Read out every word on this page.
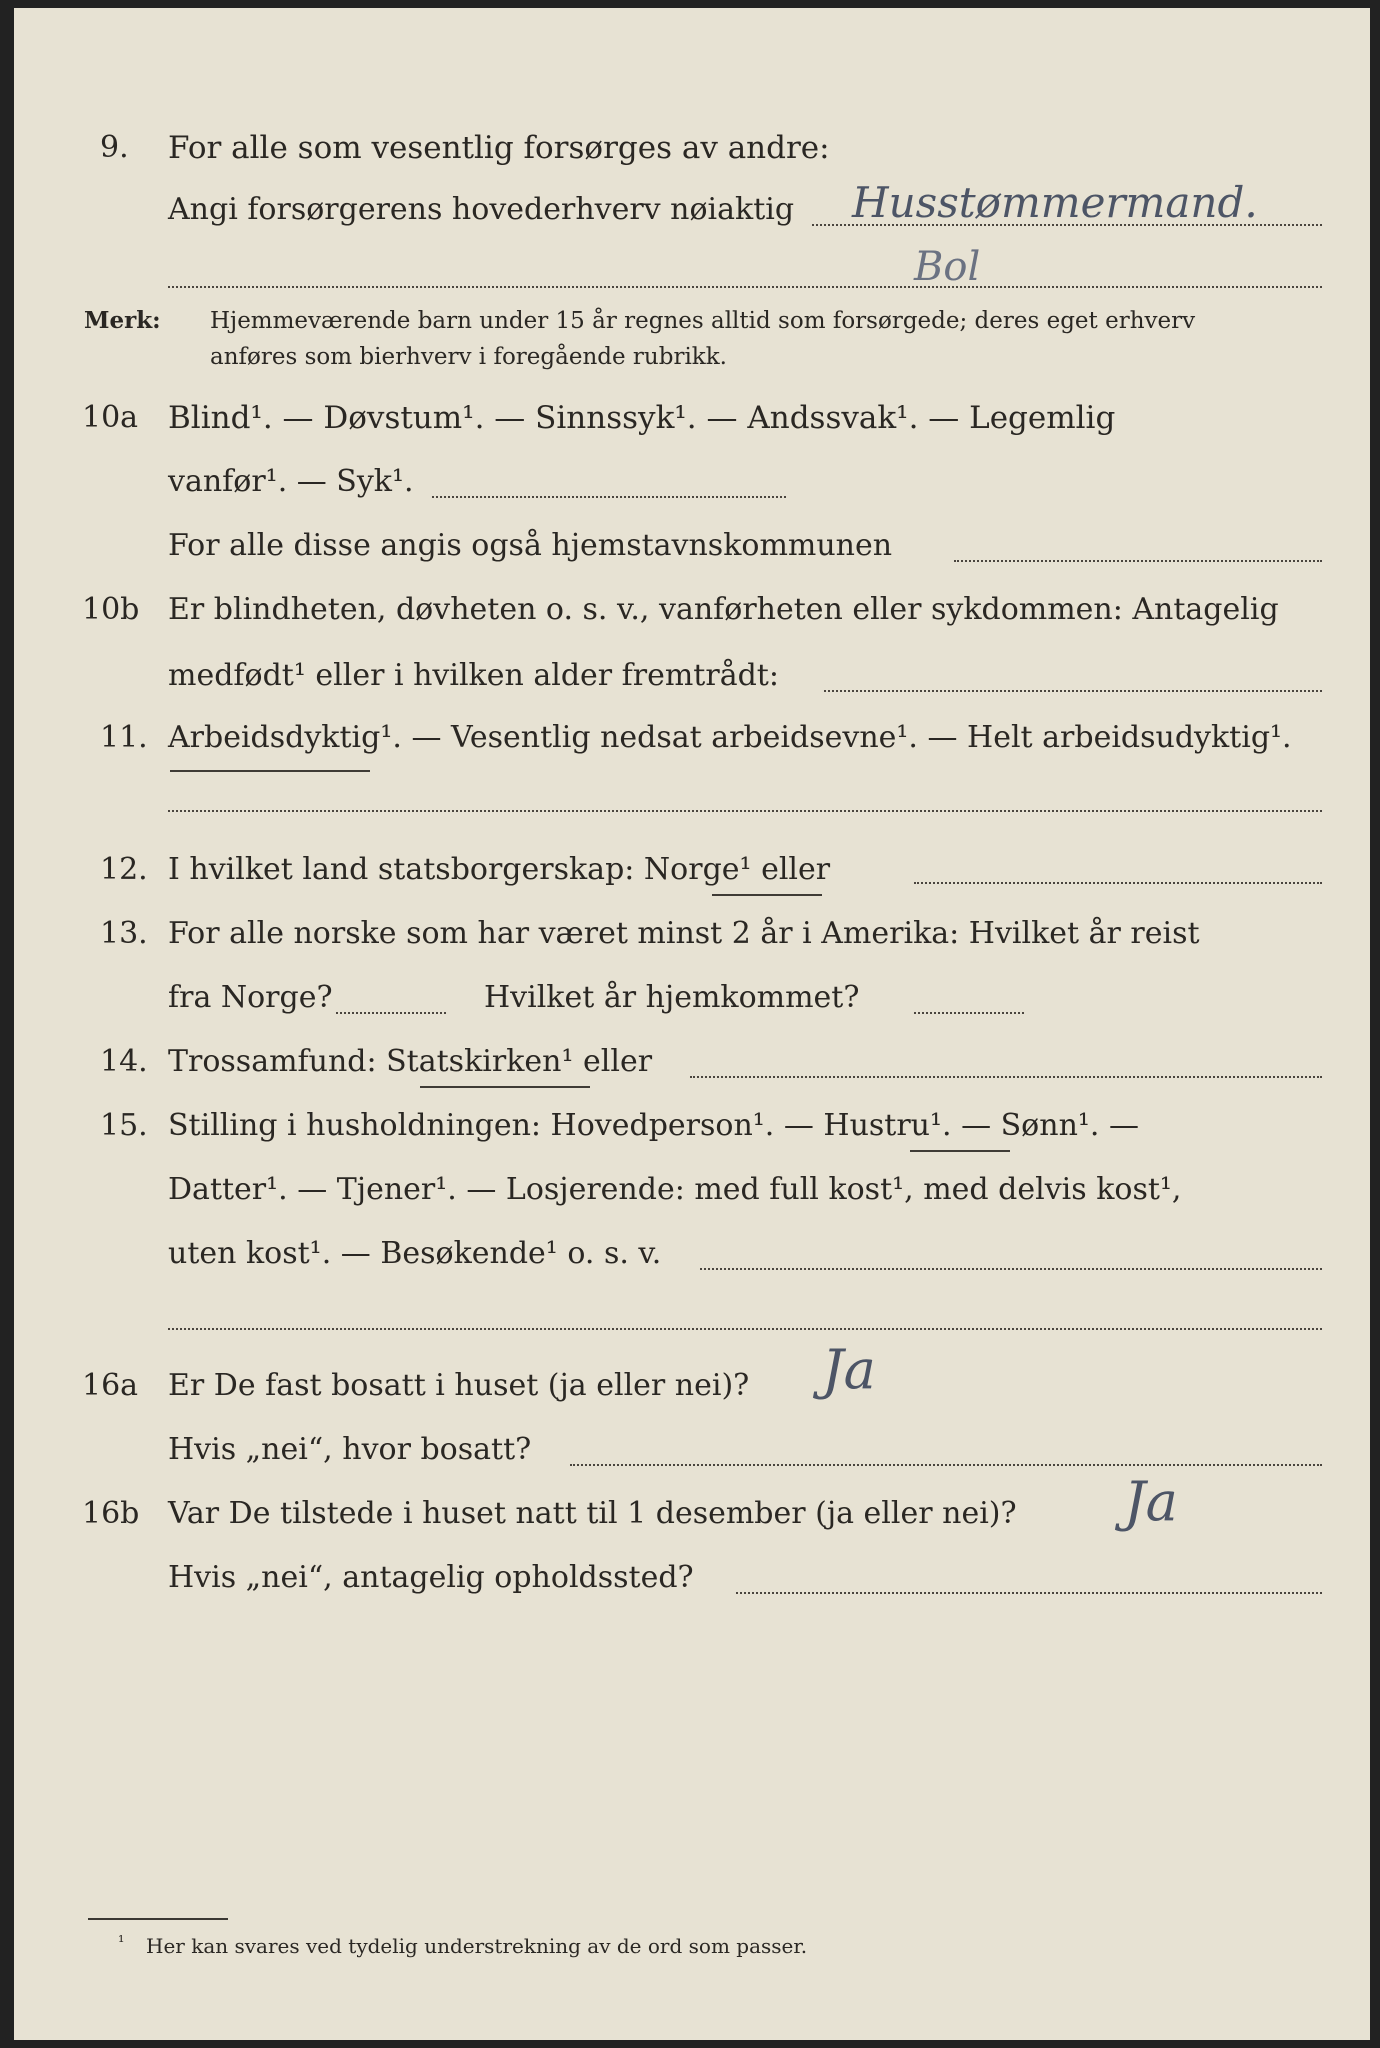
9. For alle som vesentlig forsørges av andre:
Angi forsørgerens hovederhverv nøiaktig Husstømmermand.
Bol
Merk: Hjemmeværende barn under 15 år regnes alltid som forsørgede; deres eget erhverv
anføres som bierhverv i foregående rubrikk.
10a Blind¹. — Døvstum¹. — Sinnssyk¹. — Andssvak¹. — Legemlig
vanfør¹. — Syk¹.
For alle disse angis også hjemstavnskommunen
10b Er blindheten, døvheten o. s. v., vanførheten eller sykdommen: Antagelig
medfødt¹ eller i hvilken alder fremtrådt:
11. Arbeidsdyktig¹. — Vesentlig nedsat arbeidsevne¹. — Helt arbeidsudyktig¹.
12. I hvilket land statsborgerskap: Norge¹ eller
13. For alle norske som har været minst 2 år i Amerika: Hvilket år reist
fra Norge?	Hvilket år hjemkommet?
14. Trossamfund: Statskirken¹ eller
15. Stilling i husholdningen: Hovedperson¹. — Hustru¹. — Sønn¹. —
Datter¹. — Tjener¹. — Losjerende: med full kost¹, med delvis kost¹,
uten kost¹. — Besøkende¹ o. s. v.
16a Er De fast bosatt i huset (ja eller nei)? Ja
Hvis „nei“, hvor bosatt?
16b Var De tilstede i huset natt til 1 desember (ja eller nei)? Ja
Hvis „nei“, antagelig opholdssted?
¹ Her kan svares ved tydelig understrekning av de ord som passer.
